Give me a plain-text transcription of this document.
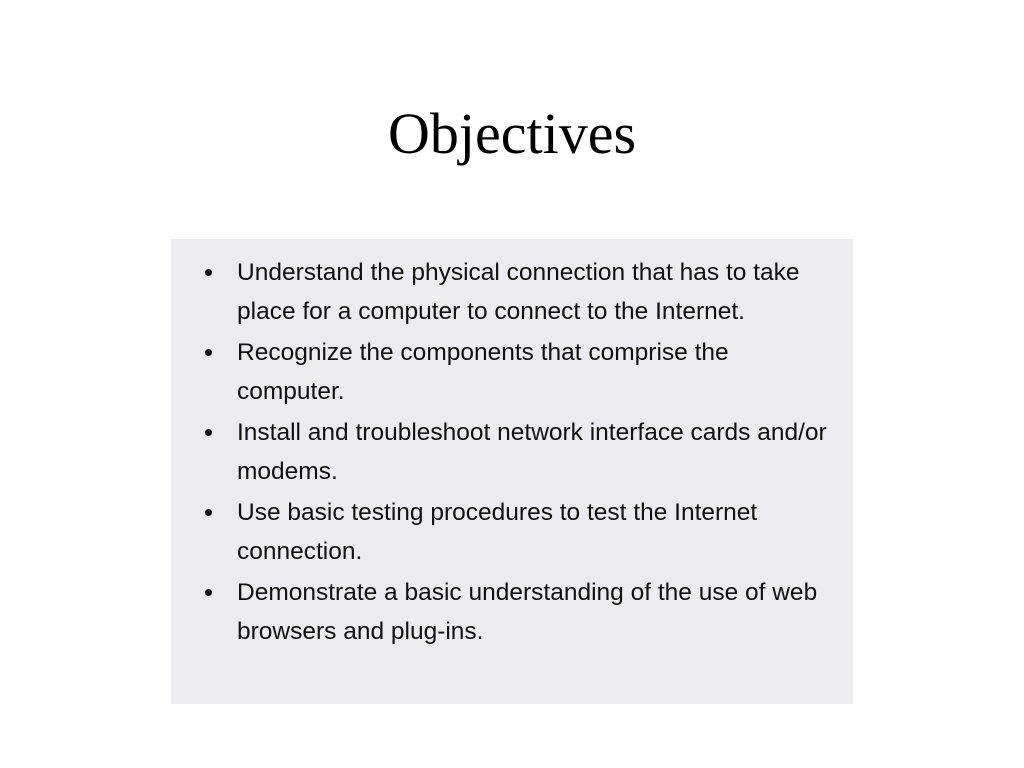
Objectives
Understand the physical connection that has to take place for a computer to connect to the Internet.
Recognize the components that comprise the computer.
Install and troubleshoot network interface cards and/or modems.
Use basic testing procedures to test the Internet connection.
Demonstrate a basic understanding of the use of web browsers and plug-ins.
